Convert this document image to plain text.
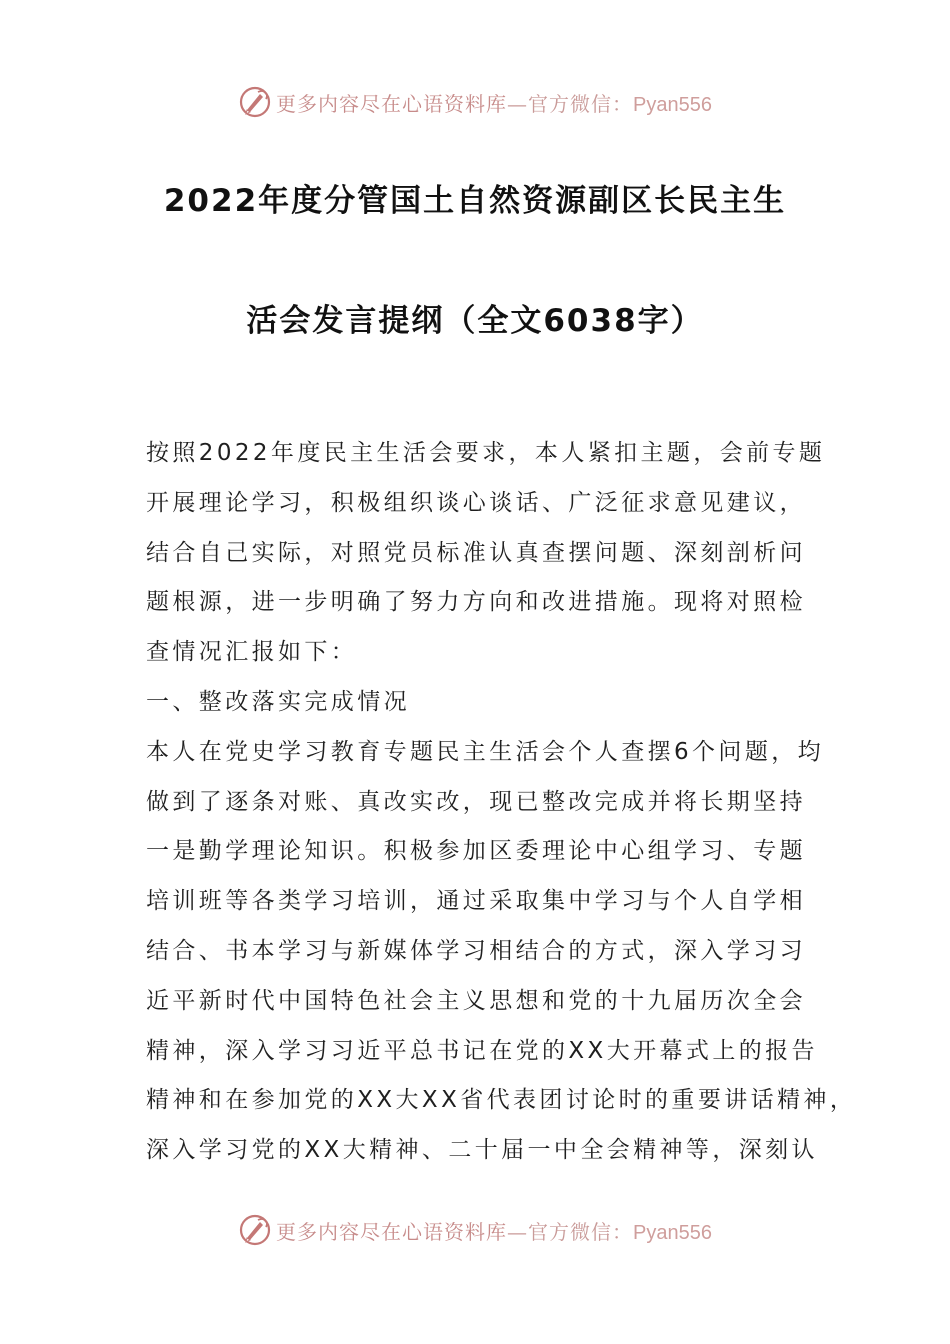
更多内容尽在心语资料库—官方微信：Pyan556
2022年度分管国土自然资源副区长民主生
活会发言提纲（全文6038字）
按照2022年度民主生活会要求，本人紧扣主题，会前专题
开展理论学习，积极组织谈心谈话、广泛征求意见建议，
结合自己实际，对照党员标准认真查摆问题、深刻剖析问
题根源，进一步明确了努力方向和改进措施。现将对照检
查情况汇报如下：
一、整改落实完成情况
本人在党史学习教育专题民主生活会个人查摆6个问题，均
做到了逐条对账、真改实改，现已整改完成并将长期坚持
一是勤学理论知识。积极参加区委理论中心组学习、专题
培训班等各类学习培训，通过采取集中学习与个人自学相
结合、书本学习与新媒体学习相结合的方式，深入学习习
近平新时代中国特色社会主义思想和党的十九届历次全会
精神，深入学习习近平总书记在党的XX大开幕式上的报告
精神和在参加党的XX大XX省代表团讨论时的重要讲话精神，
深入学习党的XX大精神、二十届一中全会精神等，深刻认
更多内容尽在心语资料库—官方微信：Pyan556
